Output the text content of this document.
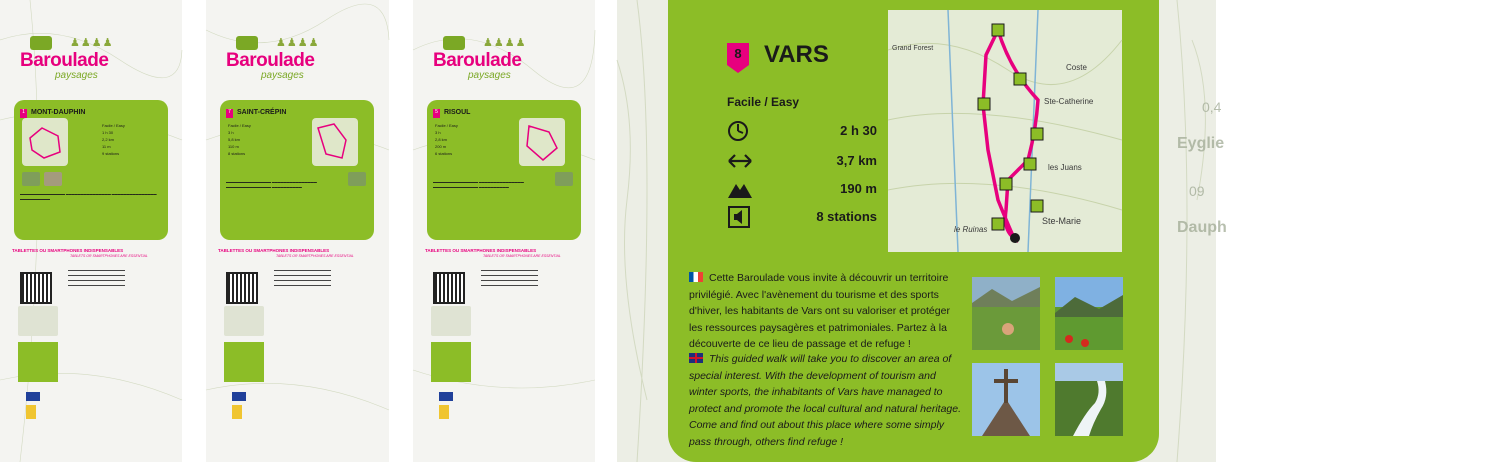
Baroulade
paysages
♟♟♟♟
1 MONT-DAUPHIN
Facile / Easy
1 h 30
2,2 km
11 m
9 stations
▬▬▬▬▬▬▬▬▬▬▬▬▬▬▬ ▬▬▬▬▬▬▬▬▬▬▬▬▬▬▬ ▬▬▬▬▬▬▬▬▬▬▬▬▬▬▬ ▬▬▬▬▬▬▬▬▬▬
TABLETTES OU SMARTPHONES INDISPENSABLES
TABLETS OR SMARTPHONES ARE ESSENTIAL
▬▬▬▬▬▬▬▬▬▬▬▬▬▬▬▬▬▬▬ ▬▬▬▬▬▬▬▬▬▬▬▬▬▬▬▬▬▬▬ ▬▬▬▬▬▬▬▬▬▬▬▬▬▬▬▬▬▬▬ ▬▬▬▬▬▬▬▬▬▬▬▬▬▬▬▬▬▬▬
Baroulade
paysages
♟♟♟♟
7 SAINT-CRÉPIN
Facile / Easy
3 h
5,8 km
110 m
8 stations
▬▬▬▬▬▬▬▬▬▬▬▬▬▬▬ ▬▬▬▬▬▬▬▬▬▬▬▬▬▬▬ ▬▬▬▬▬▬▬▬▬▬▬▬▬▬▬ ▬▬▬▬▬▬▬▬▬▬
TABLETTES OU SMARTPHONES INDISPENSABLES
TABLETS OR SMARTPHONES ARE ESSENTIAL
▬▬▬▬▬▬▬▬▬▬▬▬▬▬▬▬▬▬▬ ▬▬▬▬▬▬▬▬▬▬▬▬▬▬▬▬▬▬▬ ▬▬▬▬▬▬▬▬▬▬▬▬▬▬▬▬▬▬▬ ▬▬▬▬▬▬▬▬▬▬▬▬▬▬▬▬▬▬▬
Baroulade
paysages
♟♟♟♟
5 RISOUL
Facile / Easy
3 h
2,8 km
200 m
6 stations
▬▬▬▬▬▬▬▬▬▬▬▬▬▬▬ ▬▬▬▬▬▬▬▬▬▬▬▬▬▬▬ ▬▬▬▬▬▬▬▬▬▬▬▬▬▬▬ ▬▬▬▬▬▬▬▬▬▬
TABLETTES OU SMARTPHONES INDISPENSABLES
TABLETS OR SMARTPHONES ARE ESSENTIAL
▬▬▬▬▬▬▬▬▬▬▬▬▬▬▬▬▬▬▬ ▬▬▬▬▬▬▬▬▬▬▬▬▬▬▬▬▬▬▬ ▬▬▬▬▬▬▬▬▬▬▬▬▬▬▬▬▬▬▬ ▬▬▬▬▬▬▬▬▬▬▬▬▬▬▬▬▬▬▬
0,4
Eyglie
09
Dauph
8 VARS
Facile / Easy
2 h 30
3,7 km
190 m
8 stations
Coste
Ste-Catherine
les Juans
Ste-Marie
le Ruinas
Grand Forest
Cette Baroulade vous invite à découvrir un territoire privilégié. Avec l'avènement du tourisme et des sports d'hiver, les habitants de Vars ont su valoriser et protéger les ressources paysagères et patrimoniales. Partez à la découverte de ce lieu de passage et de refuge !
This guided walk will take you to discover an area of special interest. With the development of tourism and winter sports, the inhabitants of Vars have managed to protect and promote the local cultural and natural heritage. Come and find out about this place where some simply pass through, others find refuge !
